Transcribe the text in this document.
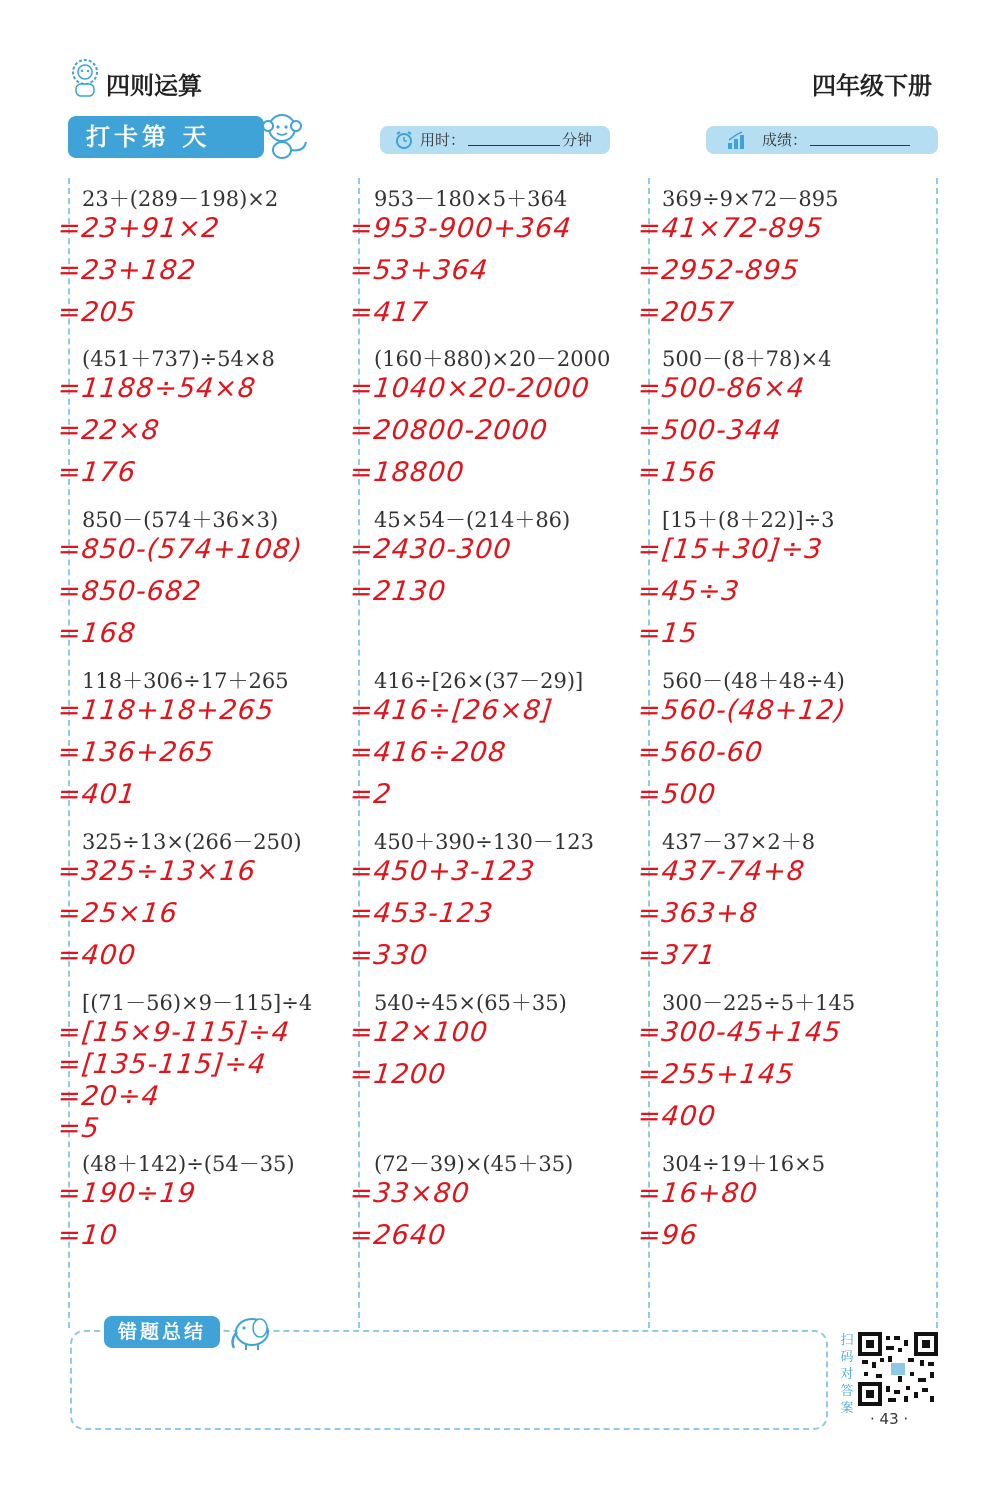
四则运算	四年级下册
打卡第 天	用时：	分钟	成绩：
23＋(289－198)×2
=23+91×2
=23+182
=205
(451＋737)÷54×8
=1188÷54×8
=22×8
=176
850－(574＋36×3)
=850-(574+108)
=850-682
=168
118＋306÷17＋265
=118+18+265
=136+265
=401
325÷13×(266－250)
=325÷13×16
=25×16
=400
[(71－56)×9－115]÷4
=[15×9-115]÷4
=[135-115]÷4
=20÷4
=5
(48＋142)÷(54－35)
=190÷19
=10
953－180×5＋364
=953-900+364
=53+364
=417
(160＋880)×20－2000
=1040×20-2000
=20800-2000
=18800
45×54－(214＋86)
=2430-300
=2130
416÷[26×(37－29)]
=416÷[26×8]
=416÷208
=2
450＋390÷130－123
=450+3-123
=453-123
=330
540÷45×(65＋35)
=12×100
=1200
(72－39)×(45＋35)
=33×80
=2640
369÷9×72－895
=41×72-895
=2952-895
=2057
500－(8＋78)×4
=500-86×4
=500-344
=156
[15＋(8＋22)]÷3
=[15+30]÷3
=45÷3
=15
560－(48＋48÷4)
=560-(48+12)
=560-60
=500
437－37×2＋8
=437-74+8
=363+8
=371
300－225÷5＋145
=300-45+145
=255+145
=400
304÷19＋16×5
=16+80
=96
错题总结	扫码对答案
· 43 ·
